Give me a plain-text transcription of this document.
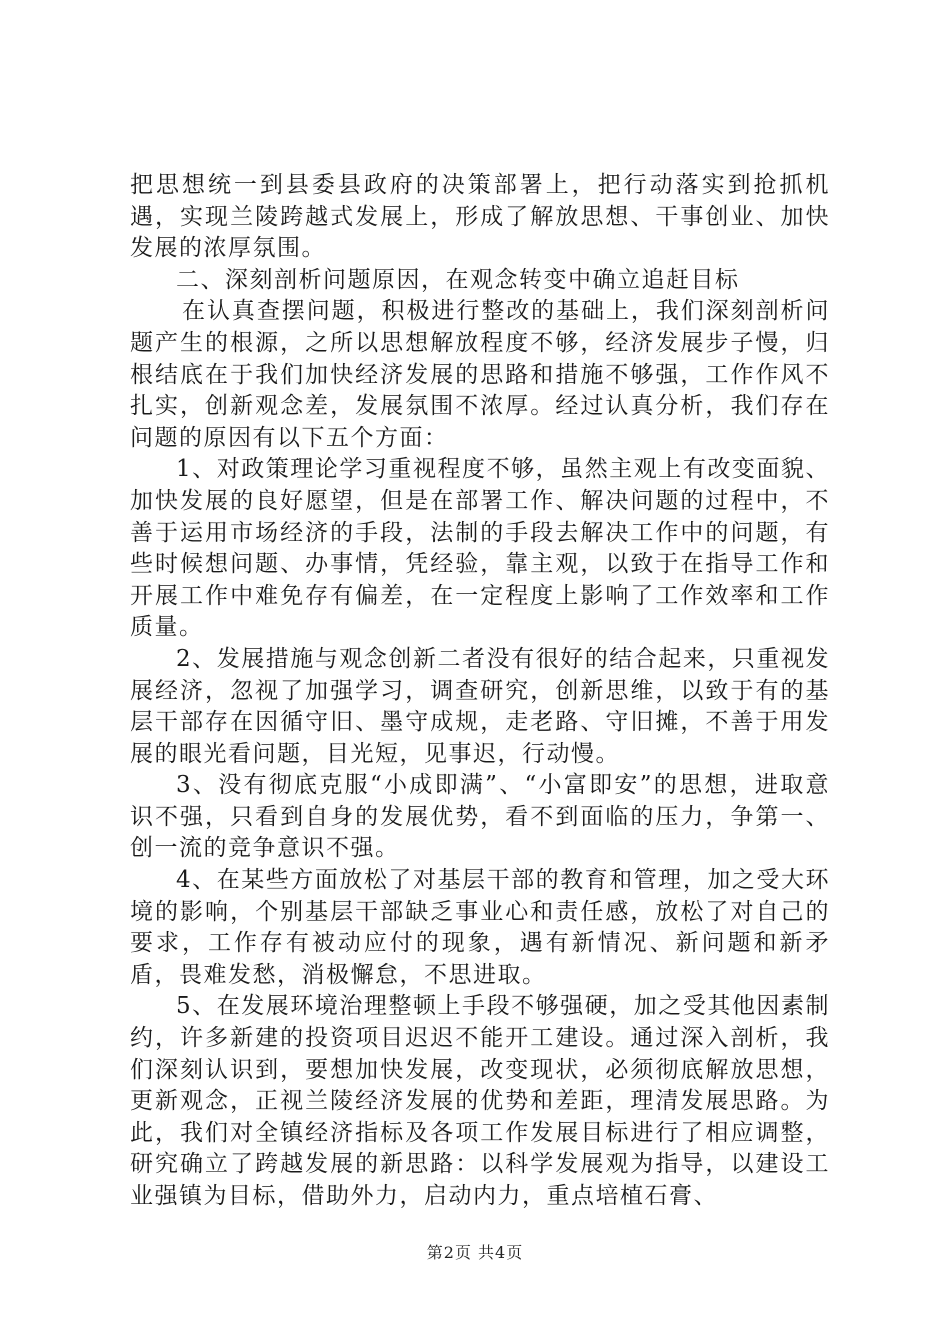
把思想统一到县委县政府的决策部署上，把行动落实到抢抓机遇，实现兰陵跨越式发展上，形成了解放思想、干事创业、加快发展的浓厚氛围。

二、深刻剖析问题原因，在观念转变中确立追赶目标

在认真查摆问题，积极进行整改的基础上，我们深刻剖析问题产生的根源，之所以思想解放程度不够，经济发展步子慢，归根结底在于我们加快经济发展的思路和措施不够强，工作作风不扎实，创新观念差，发展氛围不浓厚。经过认真分析，我们存在问题的原因有以下五个方面：

1、对政策理论学习重视程度不够，虽然主观上有改变面貌、加快发展的良好愿望，但是在部署工作、解决问题的过程中，不善于运用市场经济的手段，法制的手段去解决工作中的问题，有些时候想问题、办事情，凭经验，靠主观，以致于在指导工作和开展工作中难免存有偏差，在一定程度上影响了工作效率和工作质量。

2、发展措施与观念创新二者没有很好的结合起来，只重视发展经济，忽视了加强学习，调查研究，创新思维，以致于有的基层干部存在因循守旧、墨守成规，走老路、守旧摊，不善于用发展的眼光看问题，目光短，见事迟，行动慢。

3、没有彻底克服“小成即满”、“小富即安”的思想，进取意识不强，只看到自身的发展优势，看不到面临的压力，争第一、创一流的竞争意识不强。

4、在某些方面放松了对基层干部的教育和管理，加之受大环境的影响，个别基层干部缺乏事业心和责任感，放松了对自己的要求，工作存有被动应付的现象，遇有新情况、新问题和新矛盾，畏难发愁，消极懈怠，不思进取。

5、在发展环境治理整顿上手段不够强硬，加之受其他因素制约，许多新建的投资项目迟迟不能开工建设。通过深入剖析，我们深刻认识到，要想加快发展，改变现状，必须彻底解放思想，更新观念，正视兰陵经济发展的优势和差距，理清发展思路。为此，我们对全镇经济指标及各项工作发展目标进行了相应调整，研究确立了跨越发展的新思路：以科学发展观为指导，以建设工业强镇为目标，借助外力，启动内力，重点培植石膏、

第2页 共4页
